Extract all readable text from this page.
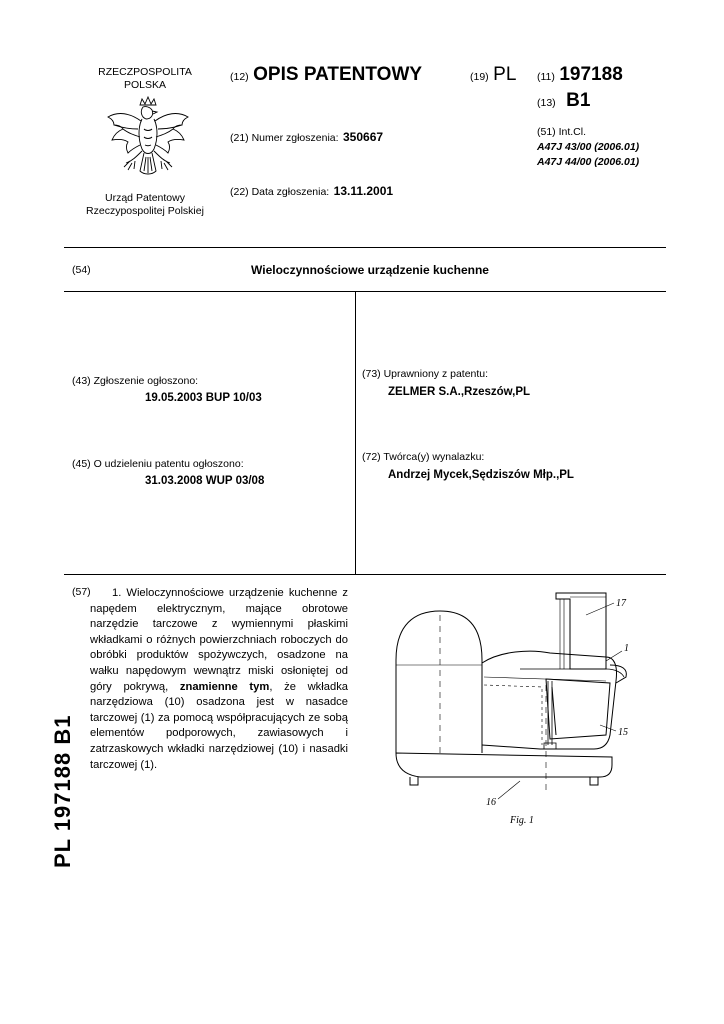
RZECZPOSPOLITA
POLSKA
Urząd Patentowy
Rzeczypospolitej Polskiej
(12) OPIS PATENTOWY	(19) PL (11) 197188
(13) B1
(21) Numer zgłoszenia: 350667	(51) Int.Cl.
A47J 43/00 (2006.01)
A47J 44/00 (2006.01)
(22) Data zgłoszenia: 13.11.2001
(54)	Wieloczynnościowe urządzenie kuchenne
(43) Zgłoszenie ogłoszono:
19.05.2003 BUP 10/03
(45) O udzieleniu patentu ogłoszono:
31.03.2008 WUP 03/08
(73) Uprawniony z patentu:
ZELMER S.A.,Rzeszów,PL
(72) Twórca(y) wynalazku:
Andrzej Mycek,Sędziszów Młp.,PL
(57)	1. Wieloczynnościowe urządzenie kuchenne z napędem elektrycznym, mające obrotowe narzędzie tarczowe z wymiennymi płaskimi wkładkami o różnych powierzchniach roboczych do obróbki produktów spożywczych, osadzone na wałku napędowym wewnątrz miski osłoniętej od góry pokrywą, znamienne tym, że wkładka narzędziowa (10) osadzona jest w nasadce tarczowej (1) za pomocą współpracujących ze sobą elementów podporowych, zawiasowych i zatrzaskowych wkładki narzędziowej (10) i nasadki tarczowej (1).

PL 197188 B1
17
1
15
16
Fig. 1
